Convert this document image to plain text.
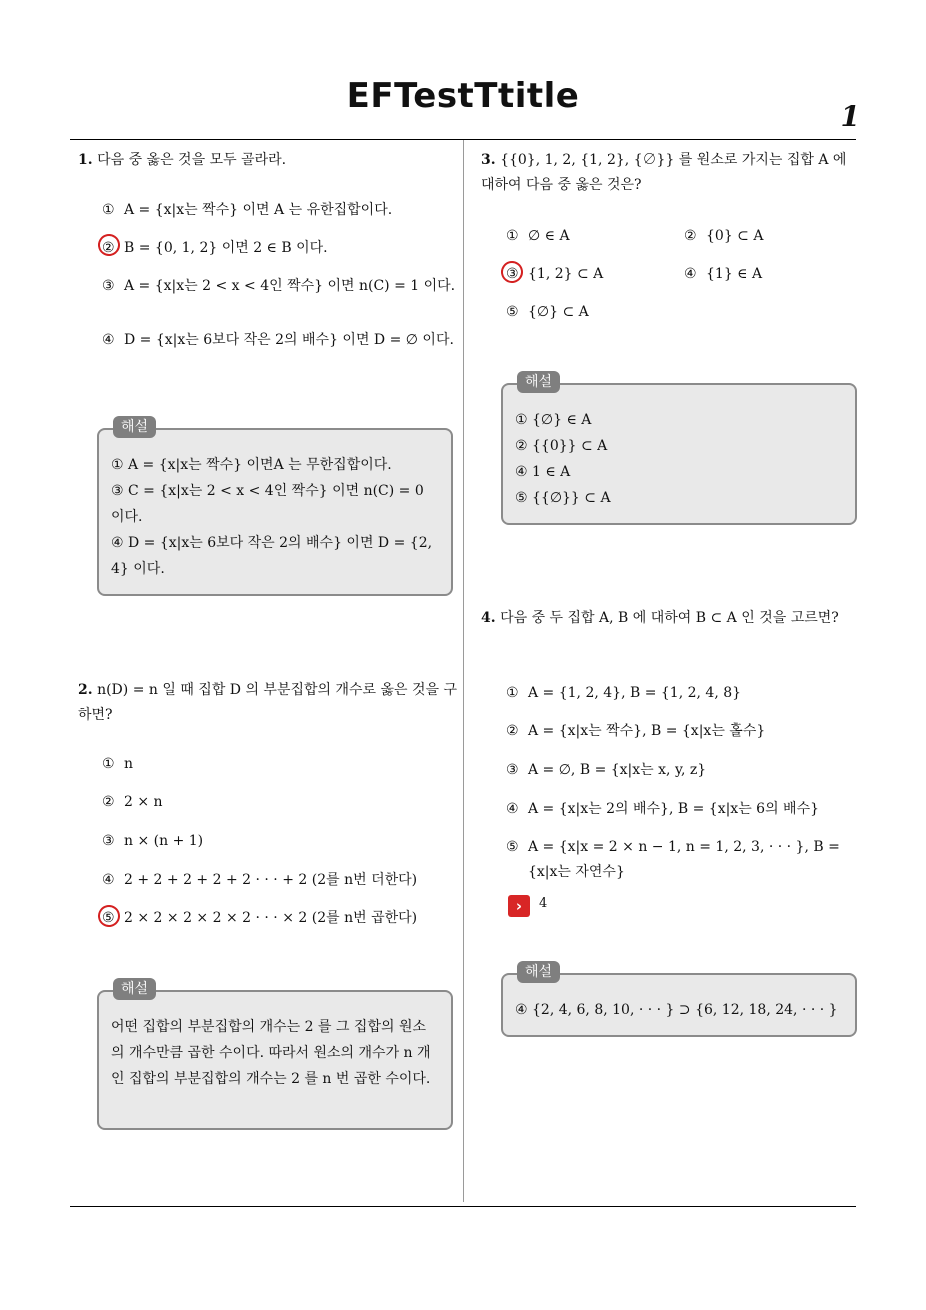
EFTestTtitle
1
1. 다음 중 옳은 것을 모두 골라라.
① A = {x|x는 짝수} 이면 A 는 유한집합이다.
② B = {0, 1, 2} 이면 2 ∈ B 이다.
③ A = {x|x는 2 < x < 4인 짝수} 이면 n(C) = 1 이다.
④ D = {x|x는 6보다 작은 2의 배수} 이면 D = ∅ 이다.
해설
① A = {x|x는 짝수} 이면A 는 무한집합이다.
③ C = {x|x는 2 < x < 4인 짝수} 이면 n(C) = 0 이다.
④ D = {x|x는 6보다 작은 2의 배수} 이면 D = {2, 4} 이다.
2. n(D) = n 일 때 집합 D 의 부분집합의 개수로 옳은 것을 구하면?
① n
② 2 × n
③ n × (n + 1)
④ 2 + 2 + 2 + 2 + 2 · · · + 2 (2를 n번 더한다)
⑤ 2 × 2 × 2 × 2 × 2 · · · × 2 (2를 n번 곱한다)
해설
어떤 집합의 부분집합의 개수는 2 를 그 집합의 원소의 개수만큼 곱한 수이다. 따라서 원소의 개수가 n 개인 집합의 부분집합의 개수는 2 를 n 번 곱한 수이다.
3. {{0}, 1, 2, {1, 2}, {∅}} 를 원소로 가지는 집합 A 에 대하여 다음 중 옳은 것은?
① ∅ ∈ A	② {0} ⊂ A
③ {1, 2} ⊂ A	④ {1} ∈ A
⑤ {∅} ⊂ A
해설
① {∅} ∈ A
② {{0}} ⊂ A
④ 1 ∈ A
⑤ {{∅}} ⊂ A
4. 다음 중 두 집합 A, B 에 대하여 B ⊂ A 인 것을 고르면?
① A = {1, 2, 4}, B = {1, 2, 4, 8}
② A = {x|x는 짝수}, B = {x|x는 홀수}
③ A = ∅, B = {x|x는 x, y, z}
④ A = {x|x는 2의 배수}, B = {x|x는 6의 배수}
⑤ A = {x|x = 2 × n − 1, n = 1, 2, 3, · · · }, B = {x|x는 자연수}
›	4
해설
④ {2, 4, 6, 8, 10, · · · } ⊃ {6, 12, 18, 24, · · · }
